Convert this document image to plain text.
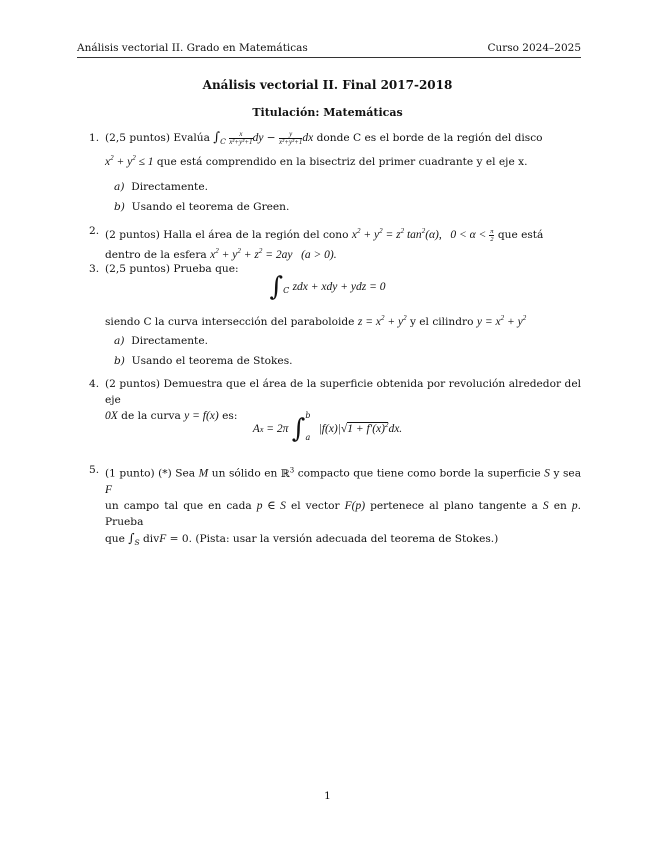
Análisis vectorial II. Grado en Matemáticas	Curso 2024–2025
Análisis vectorial II. Final 2017-2018
Titulación: Matemáticas
1. (2,5 puntos) Evalúa $\int_C \frac{x}{\text{x²+y²+1}}$ dy − $\frac{y}{\text{x²+y²+1}}$ dx donde C es el borde de la región del disco
$x^2 + y^2 \le 1$ que está comprendido en la bisectriz del primer cuadrante y el eje x.
a) Directamente.
b) Usando el teorema de Green.
2. (2 puntos) Halla el área de la región del cono $x^2 + y^2 = z^2$ $\tan^2(\alpha)$,   $0 < \alpha < \frac{\pi}{2}$ que está
dentro de la esfera $x^2 + y^2 + z^2 = 2ay$   (a > 0).
3. (2,5 puntos) Prueba que:
$\int_C$ zdx + xdy + ydz = 0
siendo C la curva intersección del paraboloide $z = x^2 + y^2$ y el cilindro $y = x^2 + y^2$
a) Directamente.
b) Usando el teorema de Stokes.
4. (2 puntos) Demuestra que el área de la superficie obtenida por revolución alrededor del eje
0X de la curva y = f(x) es:
Ax = 2π ∫$^b_a$ $|f(x)|√1 + f'(x)^2dx$.
5. (1 punto) (*) Sea M un sólido en ℝ$^3$ compacto que tiene como borde la superficie S y sea F
un campo tal que en cada p ∈ S el vector F(p) pertenece al plano tangente a S en p. Prueba
que $\int_S$ divF = 0. (Pista: usar la versión adecuada del teorema de Stokes.)
1
